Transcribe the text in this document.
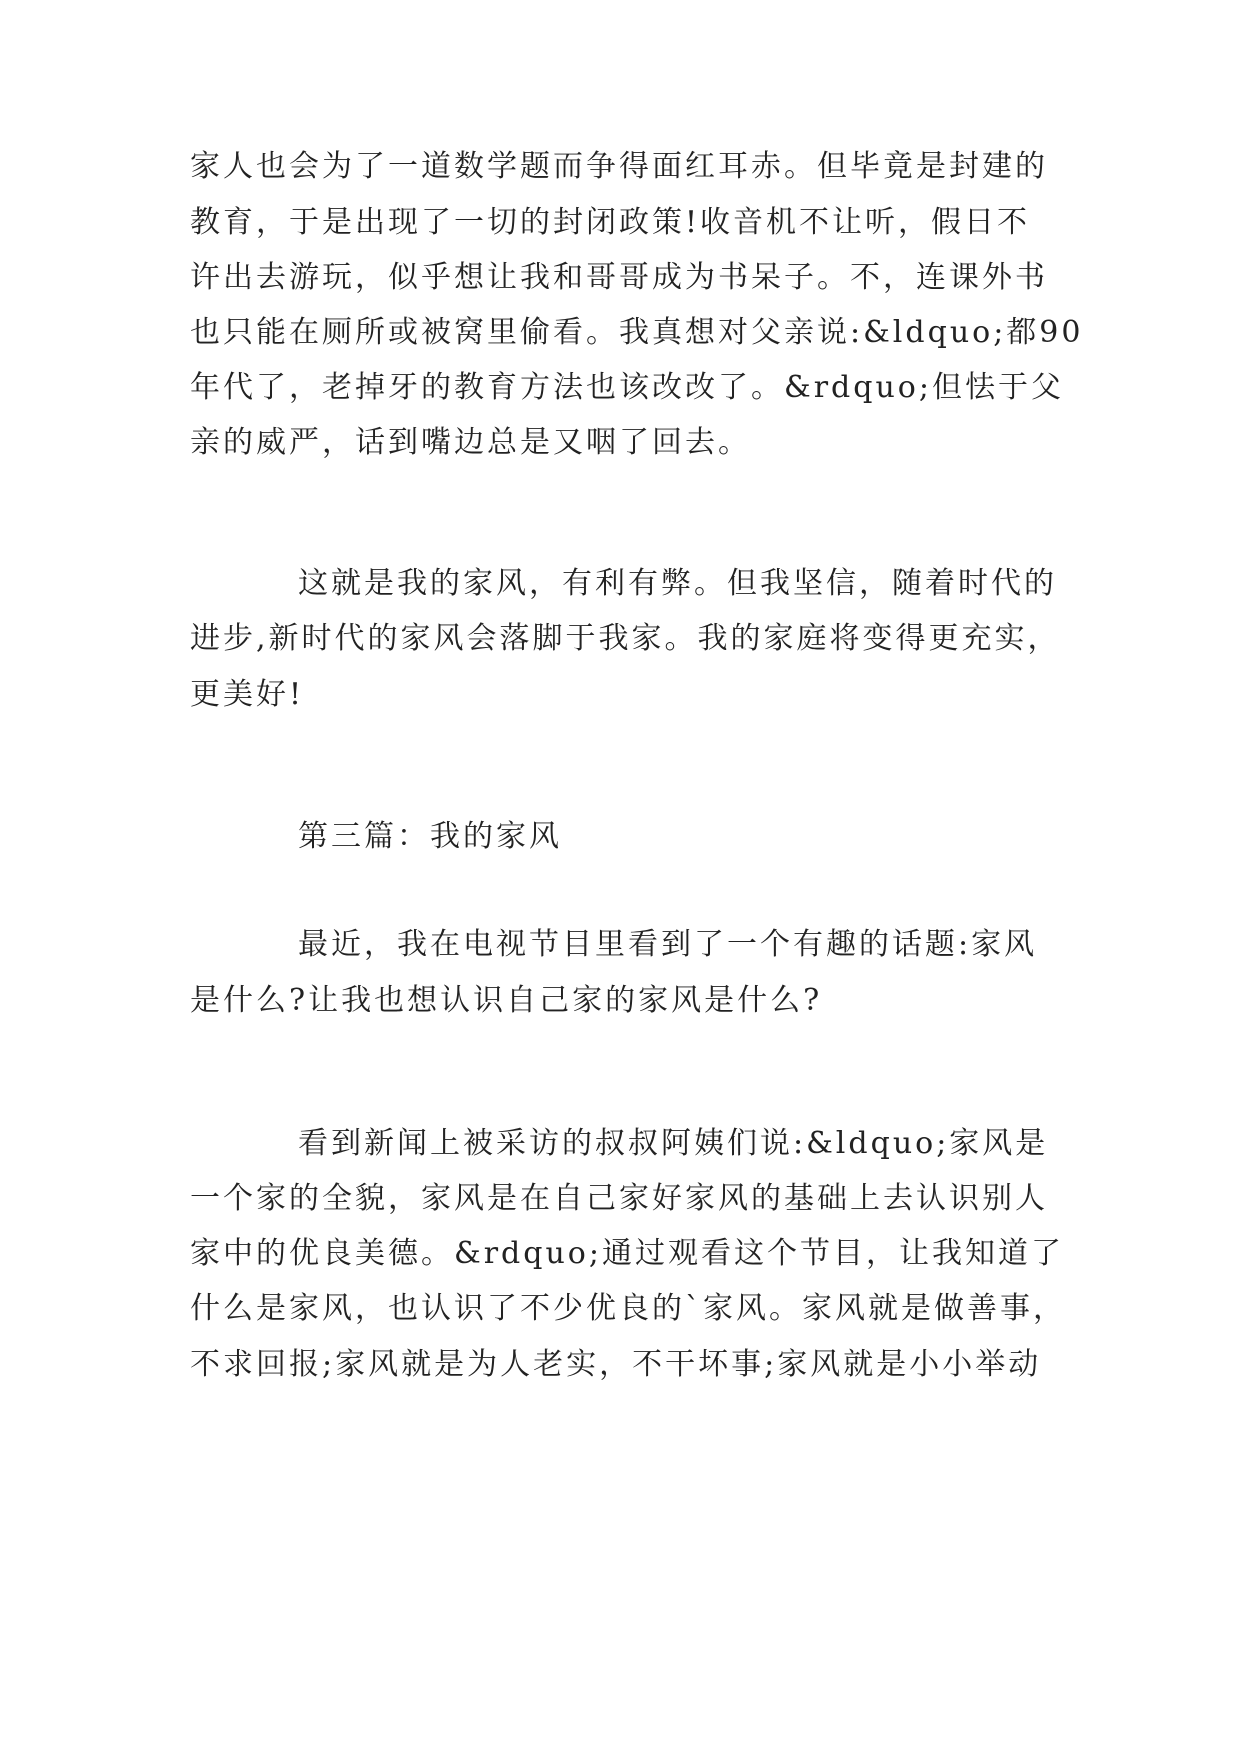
家人也会为了一道数学题而争得面红耳赤。但毕竟是封建的
教育，于是出现了一切的封闭政策!收音机不让听，假日不
许出去游玩，似乎想让我和哥哥成为书呆子。不，连课外书
也只能在厕所或被窝里偷看。我真想对父亲说:&ldquo;都90
年代了，老掉牙的教育方法也该改改了。&rdquo;但怯于父
亲的威严，话到嘴边总是又咽了回去。
这就是我的家风，有利有弊。但我坚信，随着时代的
进步,新时代的家风会落脚于我家。我的家庭将变得更充实，
更美好!
第三篇：我的家风
最近，我在电视节目里看到了一个有趣的话题:家风
是什么?让我也想认识自己家的家风是什么?
看到新闻上被采访的叔叔阿姨们说:&ldquo;家风是
一个家的全貌，家风是在自己家好家风的基础上去认识别人
家中的优良美德。&rdquo;通过观看这个节目，让我知道了
什么是家风，也认识了不少优良的`家风。家风就是做善事，
不求回报;家风就是为人老实，不干坏事;家风就是小小举动
